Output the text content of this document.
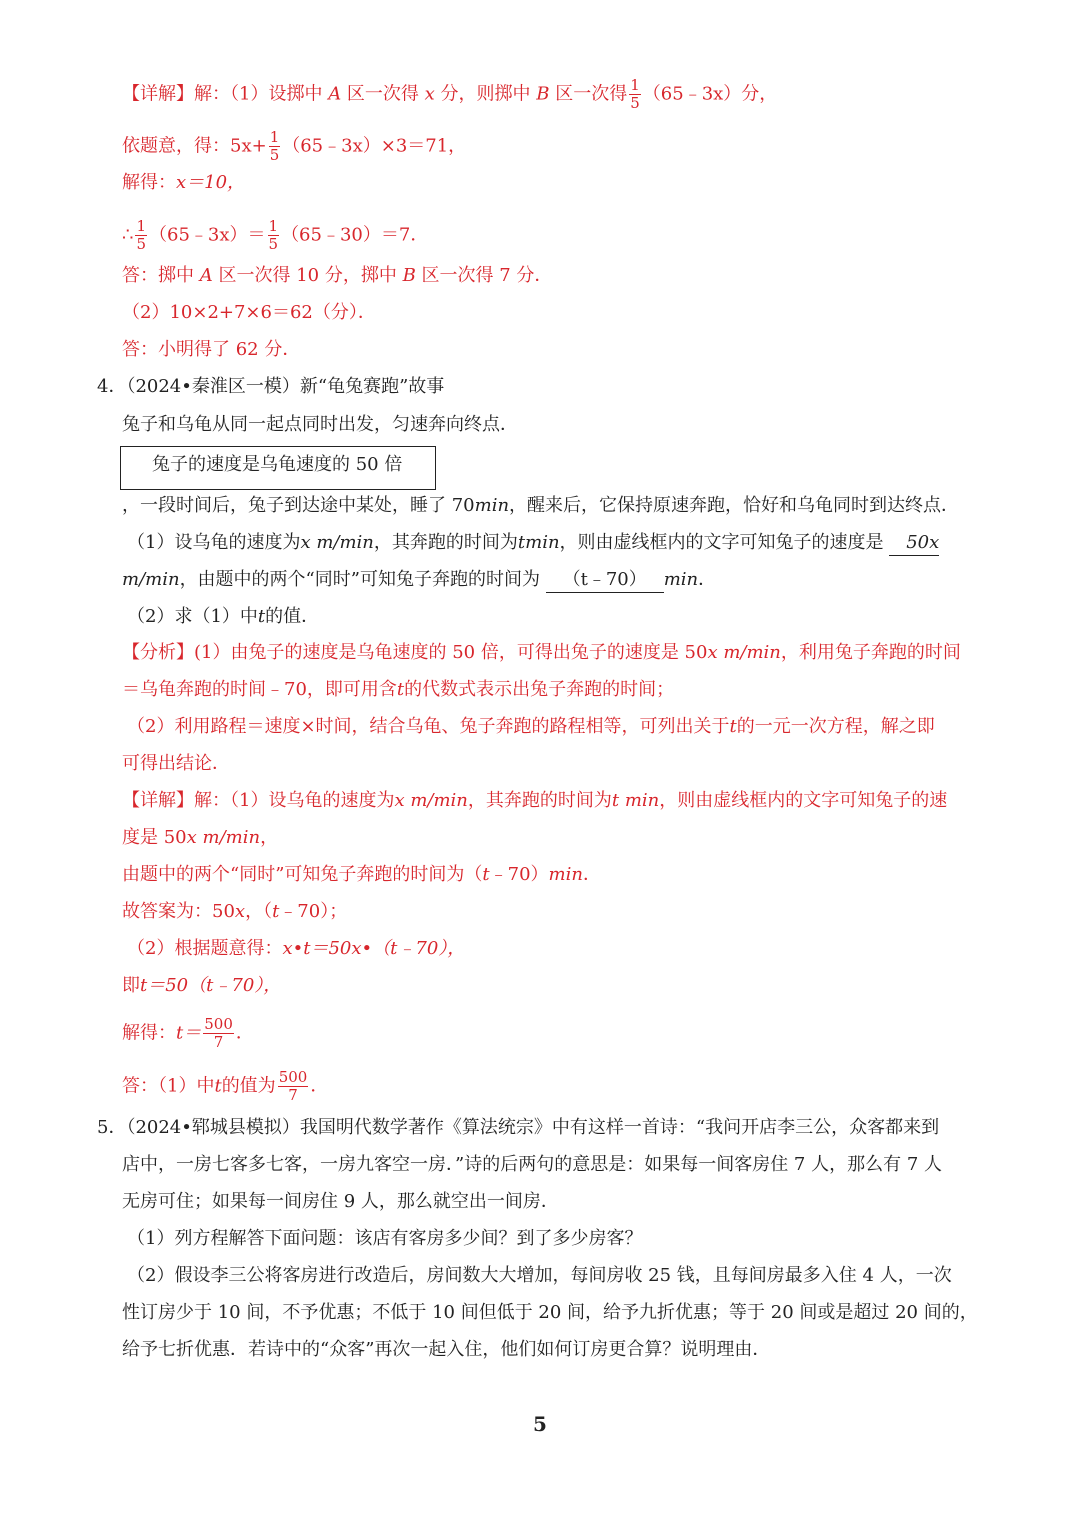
【详解】解：（1）设掷中 A 区一次得 x 分，则掷中 B 区一次得 $\frac{1}{5}$ （65﹣3x）分，
依题意，得：$5x+ \frac{1}{5}$ （65﹣3x）×3＝71，
解得：x＝10，
∴ $\frac{1}{5}$ （65﹣3x）＝ $\frac{1}{5}$ （65﹣30）＝7．
答：掷中 A 区一次得 10 分，掷中 B 区一次得 7 分．
（2）10×2+7×6＝62（分）．
答：小明得了 62 分．
4．（2024•秦淮区一模）新“龟兔赛跑”故事
兔子和乌龟从同一起点同时出发，匀速奔向终点．
兔子的速度是乌龟速度的 50 倍
，一段时间后，兔子到达途中某处，睡了 70min，醒来后，它保持原速奔跑，恰好和乌龟同时到达终点．
（1）设乌龟的速度为x m/min，其奔跑的时间为tmin，则由虚线框内的文字可知兔子的速度是 50x
m/min，由题中的两个“同时”可知兔子奔跑的时间为 （t﹣70） min．
（2）求（1）中t的值．
【分析】(1）由兔子的速度是乌龟速度的 50 倍，可得出兔子的速度是 50x m/min，利用兔子奔跑的时间
＝乌龟奔跑的时间﹣70，即可用含t的代数式表示出兔子奔跑的时间；
（2）利用路程＝速度×时间，结合乌龟、兔子奔跑的路程相等，可列出关于t的一元一次方程，解之即
可得出结论．
【详解】解：（1）设乌龟的速度为x m/min，其奔跑的时间为t min，则由虚线框内的文字可知兔子的速
度是 50x m/min，
由题中的两个“同时”可知兔子奔跑的时间为（t﹣70）min．
故答案为：50x，（t﹣70）；
（2）根据题意得：x•t＝50x•（t﹣70），
即t＝50（t﹣70），
解得：$t= \frac{500}{7}$ ．
答：（1）中t的值为 $\frac{500}{7}$ ．
5．（2024•郓城县模拟）我国明代数学著作《算法统宗》中有这样一首诗：“我问开店李三公，众客都来到
店中，一房七客多七客，一房九客空一房．”诗的后两句的意思是：如果每一间客房住 7 人，那么有 7 人
无房可住；如果每一间房住 9 人，那么就空出一间房．
（1）列方程解答下面问题：该店有客房多少间？到了多少房客？
（2）假设李三公将客房进行改造后，房间数大大增加，每间房收 25 钱，且每间房最多入住 4 人，一次
性订房少于 10 间，不予优惠；不低于 10 间但低于 20 间，给予九折优惠；等于 20 间或是超过 20 间的，
给予七折优惠．若诗中的“众客”再次一起入住，他们如何订房更合算？说明理由．
5
